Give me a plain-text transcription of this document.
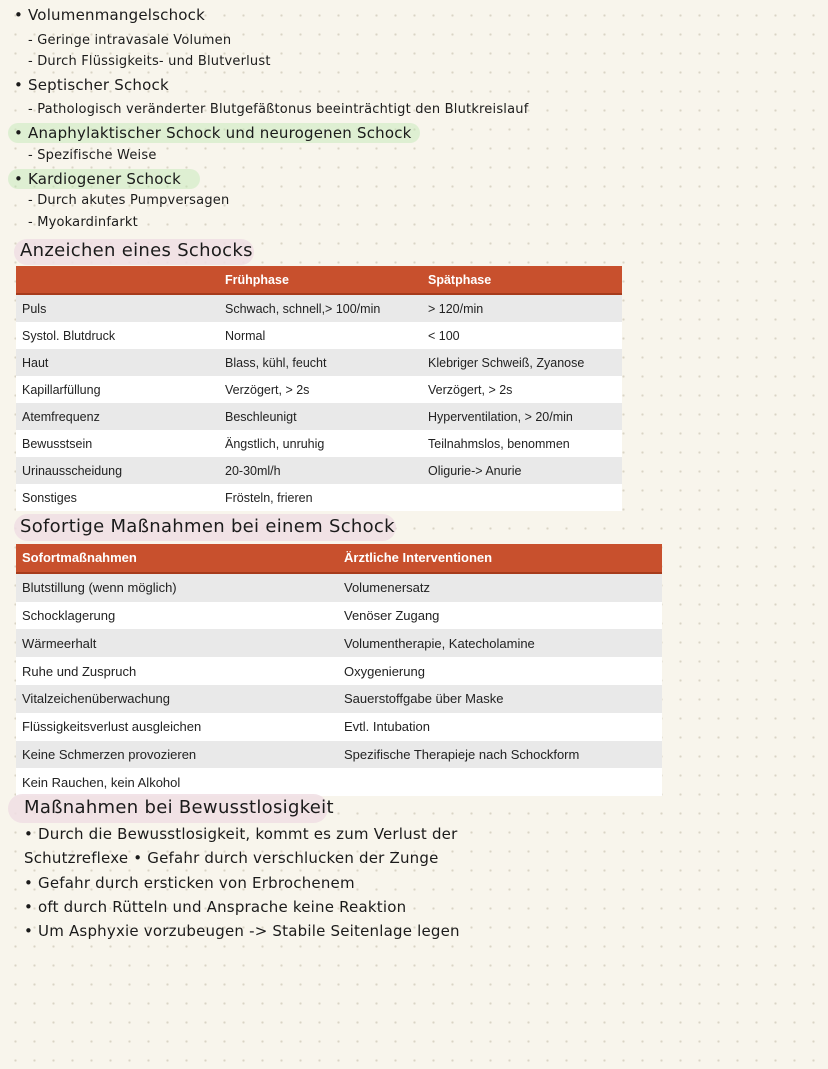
• Volumenmangelschock
- Geringe intravasale Volumen
- Durch Flüssigkeits- und Blutverlust
• Septischer Schock
- Pathologisch veränderter Blutgefäßtonus beeinträchtigt den Blutkreislauf
• Anaphylaktischer Schock und neurogenen Schock
- Spezifische Weise
• Kardiogener Schock
- Durch akutes Pumpversagen
- Myokardinfarkt
Anzeichen eines Schocks
	Frühphase	Spätphase
Puls	Schwach, schnell,> 100/min	> 120/min
Systol. Blutdruck	Normal	< 100
Haut	Blass, kühl, feucht	Klebriger Schweiß, Zyanose
Kapillarfüllung	Verzögert, > 2s	Verzögert, > 2s
Atemfrequenz	Beschleunigt	Hyperventilation, > 20/min
Bewusstsein	Ängstlich, unruhig	Teilnahmslos, benommen
Urinausscheidung	20-30ml/h	Oligurie-> Anurie
Sonstiges	Frösteln, frieren	
Sofortige Maßnahmen bei einem Schock
Sofortmaßnahmen	Ärztliche Interventionen
Blutstillung (wenn möglich)	Volumenersatz
Schocklagerung	Venöser Zugang
Wärmeerhalt	Volumentherapie, Katecholamine
Ruhe und Zuspruch	Oxygenierung
Vitalzeichenüberwachung	Sauerstoffgabe über Maske
Flüssigkeitsverlust ausgleichen	Evtl. Intubation
Keine Schmerzen provozieren	Spezifische Therapieje nach Schockform
Kein Rauchen, kein Alkohol	
Maßnahmen bei Bewusstlosigkeit
• Durch die Bewusstlosigkeit, kommt es zum Verlust der
Schutzreflexe • Gefahr durch verschlucken der Zunge
• Gefahr durch ersticken von Erbrochenem
• oft durch Rütteln und Ansprache keine Reaktion
• Um Asphyxie vorzubeugen -> Stabile Seitenlage legen
